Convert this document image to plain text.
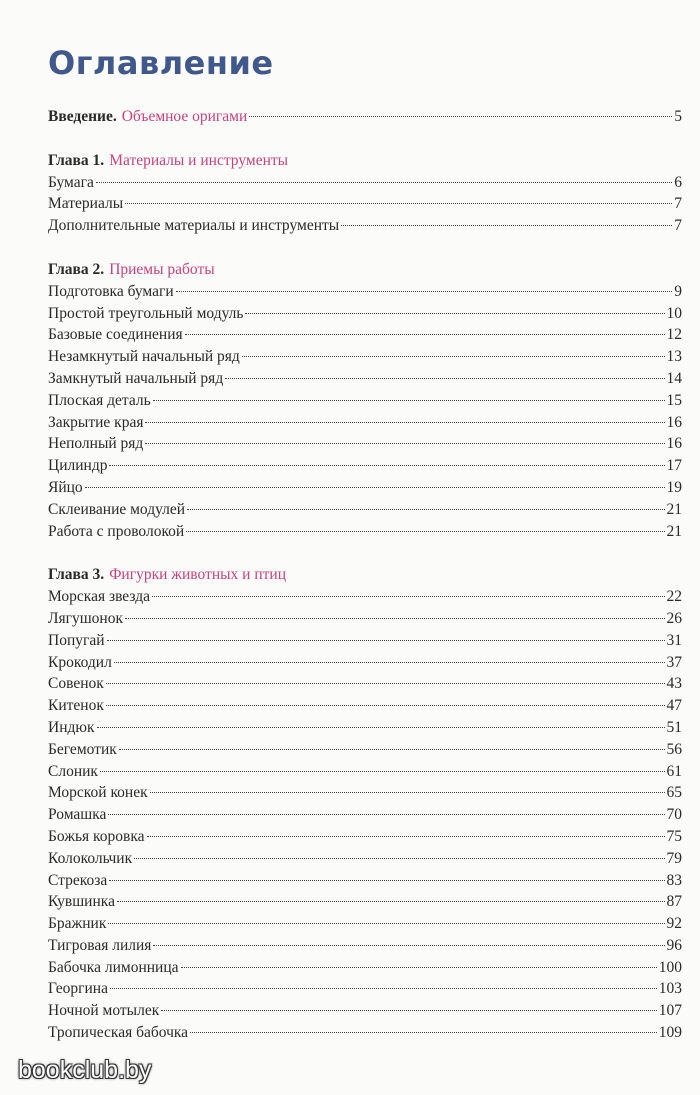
Оглавление
Введение. Объемное оригами	5
Глава 1. Материалы и инструменты
Бумага	6
Материалы	7
Дополнительные материалы и инструменты	7
Глава 2. Приемы работы
Подготовка бумаги	9
Простой треугольный модуль	10
Базовые соединения	12
Незамкнутый начальный ряд	13
Замкнутый начальный ряд	14
Плоская деталь	15
Закрытие края	16
Неполный ряд	16
Цилиндр	17
Яйцо	19
Склеивание модулей	21
Работа с проволокой	21
Глава 3. Фигурки животных и птиц
Морская звезда	22
Лягушонок	26
Попугай	31
Крокодил	37
Совенок	43
Китенок	47
Индюк	51
Бегемотик	56
Слоник	61
Морской конек	65
Ромашка	70
Божья коровка	75
Колокольчик	79
Стрекоза	83
Кувшинка	87
Бражник	92
Тигровая лилия	96
Бабочка лимонница	100
Георгина	103
Ночной мотылек	107
Тропическая бабочка	109
bookclub.by
